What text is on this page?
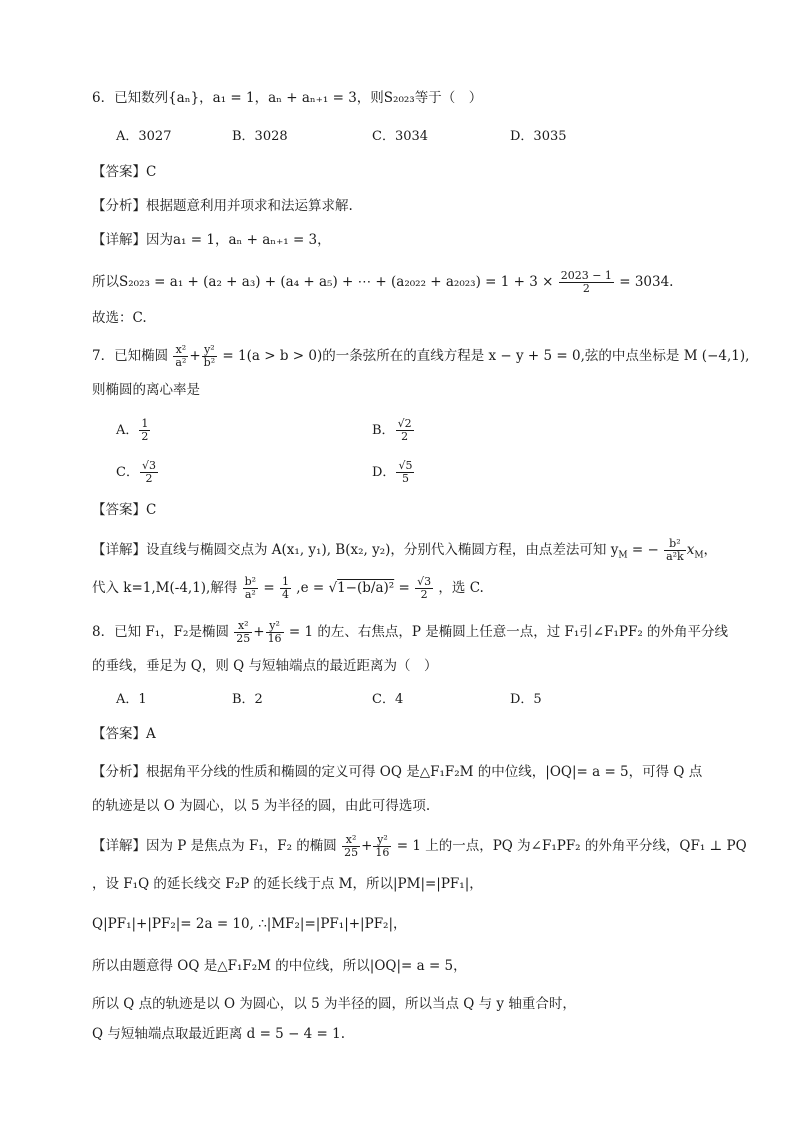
6．已知数列{aₙ}，a₁ = 1，aₙ + aₙ₊₁ = 3，则S₂₀₂₃等于（　）
A．3027	B．3028	C．3034	D．3035
【答案】C
【分析】根据题意利用并项求和法运算求解.
【详解】因为a₁ = 1，aₙ + aₙ₊₁ = 3，
所以S₂₀₂₃ = a₁ + (a₂ + a₃) + (a₄ + a₅) + ⋯ + $(a_{2022} + a_{2023}) = 1 + 3 \times \frac{2023 - 1}{2} = 3034$.
故选：C.
7．已知椭圆 $\frac{\text{x²}}{\text{a²}} + \frac{\text{y²}}{\text{b²}} = 1(a > b > 0)$的一条弦所在的直线方程是 x − y + 5 = 0,弦的中点坐标是 M (−4,1),
则椭圆的离心率是
A． $\frac{1}{2}$	B． $\frac{√2}{2}$
C． $\frac{√3}{2}$	D． $\frac{√5}{5}$
【答案】C
【详解】设直线与椭圆交点为 A(x₁, y₁), B(x₂, y₂)，分别代入椭圆方程，由点差法可知 $y_M$ = − $\frac{\text{b²}}{\text{a²k}} x_M$，
代入 k=1,M(-4,1),解得 $\frac{\text{b²}}{\text{a²}} = \frac{1}{4} ,e = √1-(b/a)^2 = \frac{√3}{2}$ ，选 C.
8．已知 F₁，F₂是椭圆 $\frac{\text{x²}}{25} + \frac{\text{y²}}{16} = 1$ 的左、右焦点，P 是椭圆上任意一点，过 F₁引∠F₁PF₂ 的外角平分线
的垂线，垂足为 Q，则 Q 与短轴端点的最近距离为（　）
A．1	B．2	C．4	D．5
【答案】A
【分析】根据角平分线的性质和椭圆的定义可得 OQ 是△F₁F₂M 的中位线，|OQ|= a = 5，可得 Q 点
的轨迹是以 O 为圆心，以 5 为半径的圆，由此可得选项.
【详解】因为 P 是焦点为 F₁，F₂ 的椭圆 $\frac{\text{x²}}{25} + \frac{\text{y²}}{16} = 1$ 上的一点，PQ 为∠F₁PF₂ 的外角平分线，QF₁ ⊥ PQ
，设 F₁Q 的延长线交 F₂P 的延长线于点 M，所以|PM|=|PF₁|，
Q|PF₁|+|PF₂|= 2a = 10, ∴|MF₂|=|PF₁|+|PF₂|，
所以由题意得 OQ 是△F₁F₂M 的中位线，所以|OQ|= a = 5，
所以 Q 点的轨迹是以 O 为圆心，以 5 为半径的圆，所以当点 Q 与 y 轴重合时，
Q 与短轴端点取最近距离 d = 5 − 4 = 1.
